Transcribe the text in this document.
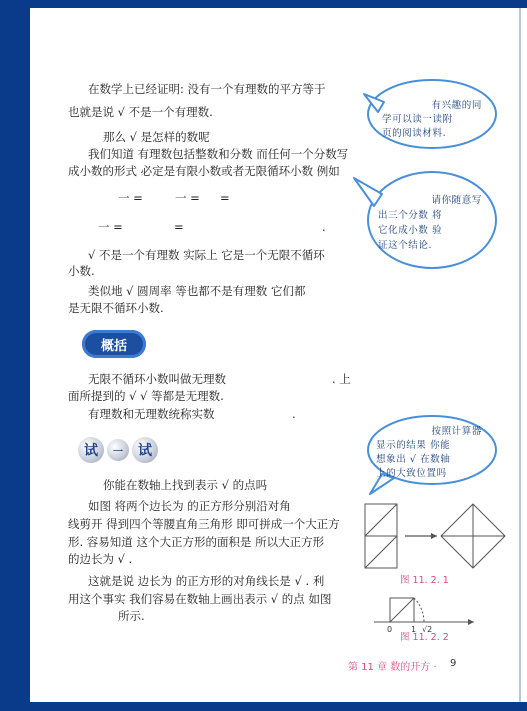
在数学上已经证明: 没有一个有理数的平方等于
也就是说 √ 不是一个有理数.
那么 √ 是怎样的数呢
我们知道 有理数包括整数和分数 而任何一个分数写
成小数的形式 必定是有限小数或者无限循环小数 例如
一 =	一 = =
一 =	=	.
√ 不是一个有理数 实际上 它是一个无限不循环
小数.
类似地 √ 圆周率 等也都不是有理数 它们都
是无限不循环小数.
概括
无限不循环小数叫做无理数	. 上
面所提到的 √ √ 等都是无理数.
有理数和无理数统称实数	.
试	一	试
你能在数轴上找到表示 √ 的点吗
如图 将两个边长为 的正方形分别沿对角
线剪开 得到四个等腰直角三角形 即可拼成一个大正方
形. 容易知道 这个大正方形的面积是 所以大正方形
的边长为 √ .
这就是说 边长为 的正方形的对角线长是 √ . 利
用这个事实 我们容易在数轴上画出表示 √ 的点 如图
所示.
有兴趣的同
学可以读一读附
页的阅读材料.
请你随意写
出三个分数 将
它化成小数 验
证这个结论.
按照计算器
显示的结果 你能
想象出 √ 在数轴
上的大致位置吗
图 11. 2. 1
0 1 √2
图 11. 2. 2
第 11 章 数的开方 · 9
